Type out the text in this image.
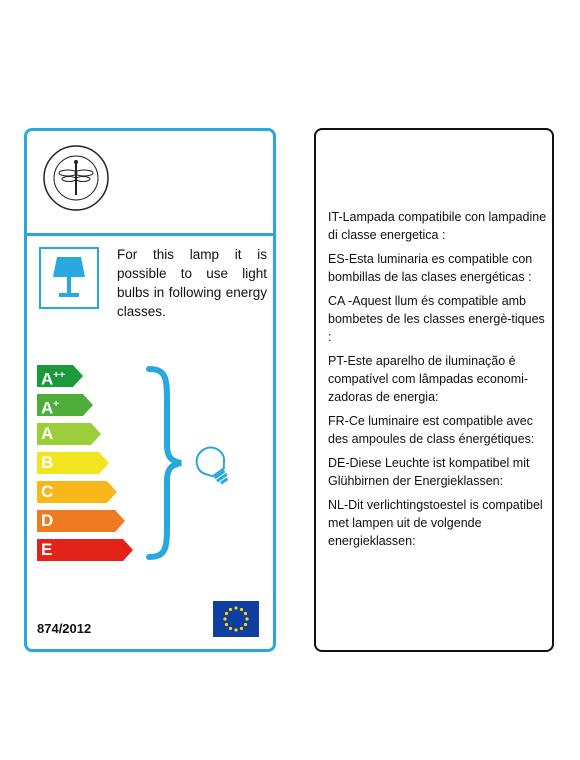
For this lamp it is possible to use light bulbs in following energy classes.
A++
A+
A
B
C
D
E
874/2012

IT-Lampada compatibile con lampadine di classe energetica :

ES-Esta luminaria es compatible con bombillas de las clases energéticas :

CA -Aquest llum és compatible amb bombetes de les classes energè-tiques :

PT-Este aparelho de iluminação é compatível com lâmpadas economi-zadoras de energia:

FR-Ce luminaire est compatible avec des ampoules de class énergétiques:

DE-Diese Leuchte ist kompatibel mit Glühbirnen der Energieklassen:

NL-Dit verlichtingstoestel is compatibel met lampen uit de volgende energieklassen:
